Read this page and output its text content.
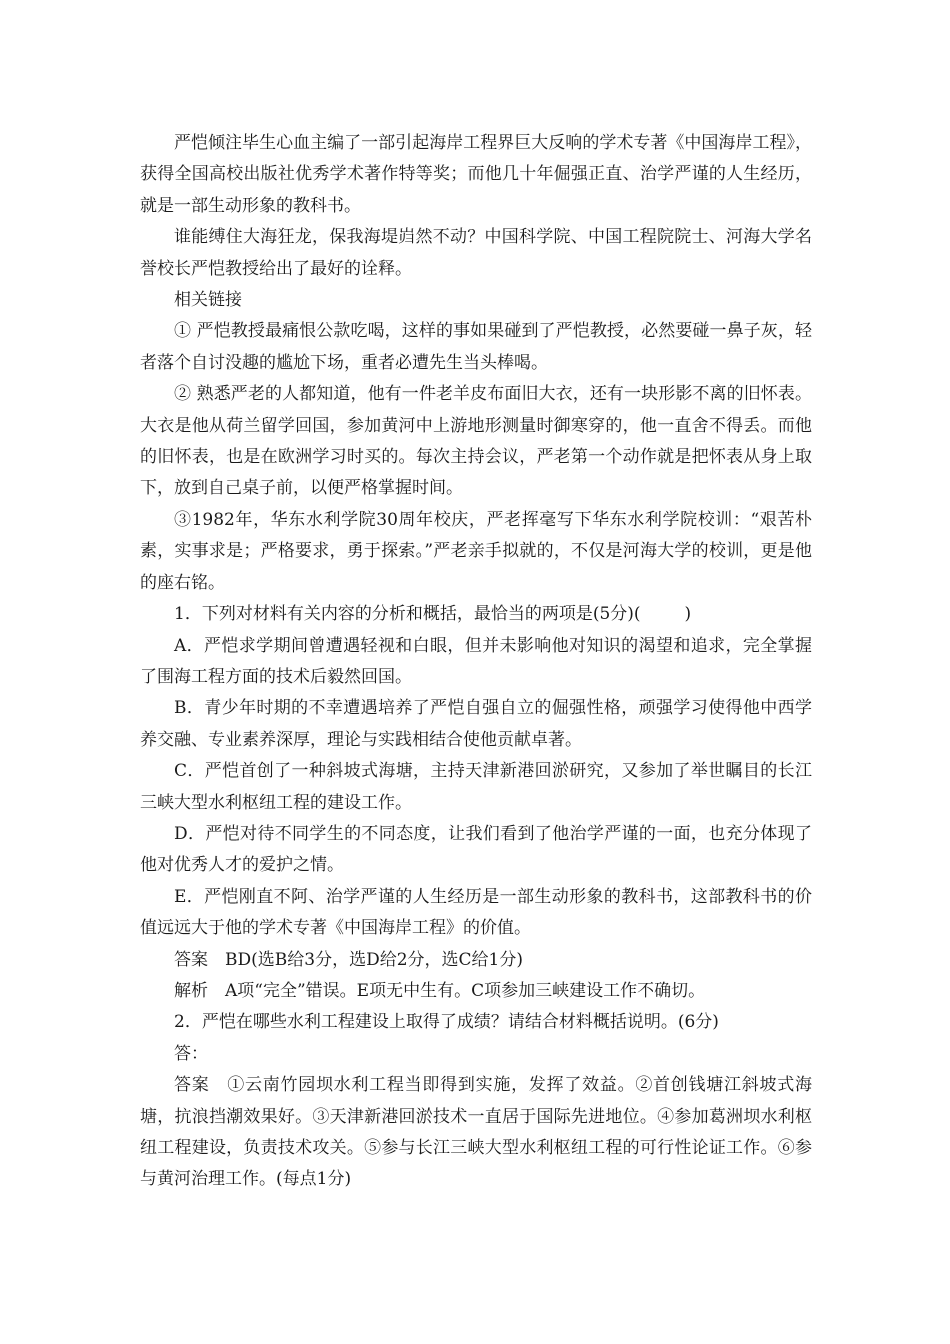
严恺倾注毕生心血主编了一部引起海岸工程界巨大反响的学术专著《中国海岸工程》，获得全国高校出版社优秀学术著作特等奖；而他几十年倔强正直、治学严谨的人生经历，就是一部生动形象的教科书。

谁能缚住大海狂龙，保我海堤岿然不动？中国科学院、中国工程院院士、河海大学名誉校长严恺教授给出了最好的诠释。

相关链接

① 严恺教授最痛恨公款吃喝，这样的事如果碰到了严恺教授，必然要碰一鼻子灰，轻者落个自讨没趣的尴尬下场，重者必遭先生当头棒喝。

② 熟悉严老的人都知道，他有一件老羊皮布面旧大衣，还有一块形影不离的旧怀表。大衣是他从荷兰留学回国，参加黄河中上游地形测量时御寒穿的，他一直舍不得丢。而他的旧怀表，也是在欧洲学习时买的。每次主持会议，严老第一个动作就是把怀表从身上取下，放到自己桌子前，以便严格掌握时间。

③1982年，华东水利学院30周年校庆，严老挥毫写下华东水利学院校训：“艰苦朴素，实事求是；严格要求，勇于探索。”严老亲手拟就的，不仅是河海大学的校训，更是他的座右铭。

1．下列对材料有关内容的分析和概括，最恰当的两项是(5分)(	)

A．严恺求学期间曾遭遇轻视和白眼，但并未影响他对知识的渴望和追求，完全掌握了围海工程方面的技术后毅然回国。

B．青少年时期的不幸遭遇培养了严恺自强自立的倔强性格，顽强学习使得他中西学养交融、专业素养深厚，理论与实践相结合使他贡献卓著。

C．严恺首创了一种斜坡式海塘，主持天津新港回淤研究，又参加了举世瞩目的长江三峡大型水利枢纽工程的建设工作。

D．严恺对待不同学生的不同态度，让我们看到了他治学严谨的一面，也充分体现了他对优秀人才的爱护之情。

E．严恺刚直不阿、治学严谨的人生经历是一部生动形象的教科书，这部教科书的价值远远大于他的学术专著《中国海岸工程》的价值。

答案　BD(选B给3分，选D给2分，选C给1分)

解析　A项“完全”错误。E项无中生有。C项参加三峡建设工作不确切。

2．严恺在哪些水利工程建设上取得了成绩？请结合材料概括说明。(6分)

答：

答案　①云南竹园坝水利工程当即得到实施，发挥了效益。②首创钱塘江斜坡式海塘，抗浪挡潮效果好。③天津新港回淤技术一直居于国际先进地位。④参加葛洲坝水利枢纽工程建设，负责技术攻关。⑤参与长江三峡大型水利枢纽工程的可行性论证工作。⑥参与黄河治理工作。(每点1分)
